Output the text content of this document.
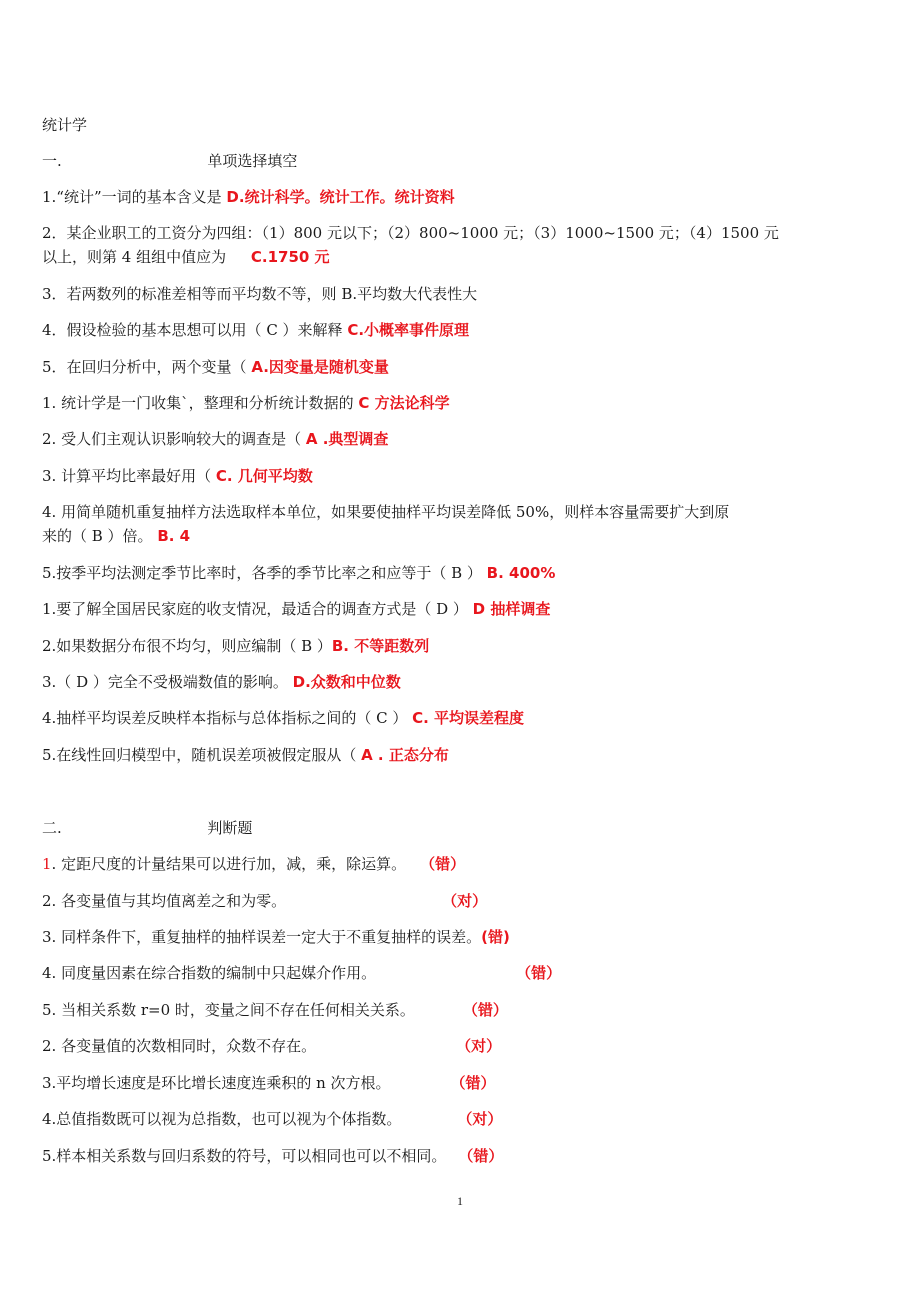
统计学
一.	单项选择填空
1.“统计”一词的基本含义是 D.统计科学。统计工作。统计资料
2．某企业职工的工资分为四组：（1）800 元以下；（2）800~1000 元；（3）1000~1500 元；（4）1500 元
以上，则第 4 组组中值应为 C.1750 元
3．若两数列的标准差相等而平均数不等，则 B.平均数大代表性大
4．假设检验的基本思想可以用（ C ）来解释 C.小概率事件原理
5．在回归分析中，两个变量（ A.因变量是随机变量
1. 统计学是一门收集`，整理和分析统计数据的 C 方法论科学
2. 受人们主观认识影响较大的调查是（ A .典型调查
3. 计算平均比率最好用（ C. 几何平均数
4. 用简单随机重复抽样方法选取样本单位，如果要使抽样平均误差降低 50%，则样本容量需要扩大到原
来的（ B ）倍。 B. 4
5.按季平均法测定季节比率时，各季的季节比率之和应等于（ B ） B. 400%
1.要了解全国居民家庭的收支情况，最适合的调查方式是（ D ） D 抽样调查
2.如果数据分布很不均匀，则应编制（ B ）B. 不等距数列
3.（ D ）完全不受极端数值的影响。 D.众数和中位数
4.抽样平均误差反映样本指标与总体指标之间的（ C ） C. 平均误差程度
5.在线性回归模型中，随机误差项被假定服从（ A . 正态分布
二.	判断题
1. 定距尺度的计量结果可以进行加，减，乘，除运算。 （错）
2. 各变量值与其均值离差之和为零。	（对）
3. 同样条件下，重复抽样的抽样误差一定大于不重复抽样的误差。(错)
4. 同度量因素在综合指数的编制中只起媒介作用。	（错）
5. 当相关系数 r=0 时，变量之间不存在任何相关关系。	（错）
2. 各变量值的次数相同时，众数不存在。	（对）
3.平均增长速度是环比增长速度连乘积的 n 次方根。	（错）
4.总值指数既可以视为总指数，也可以视为个体指数。	（对）
5.样本相关系数与回归系数的符号，可以相同也可以不相同。 （错）
1
